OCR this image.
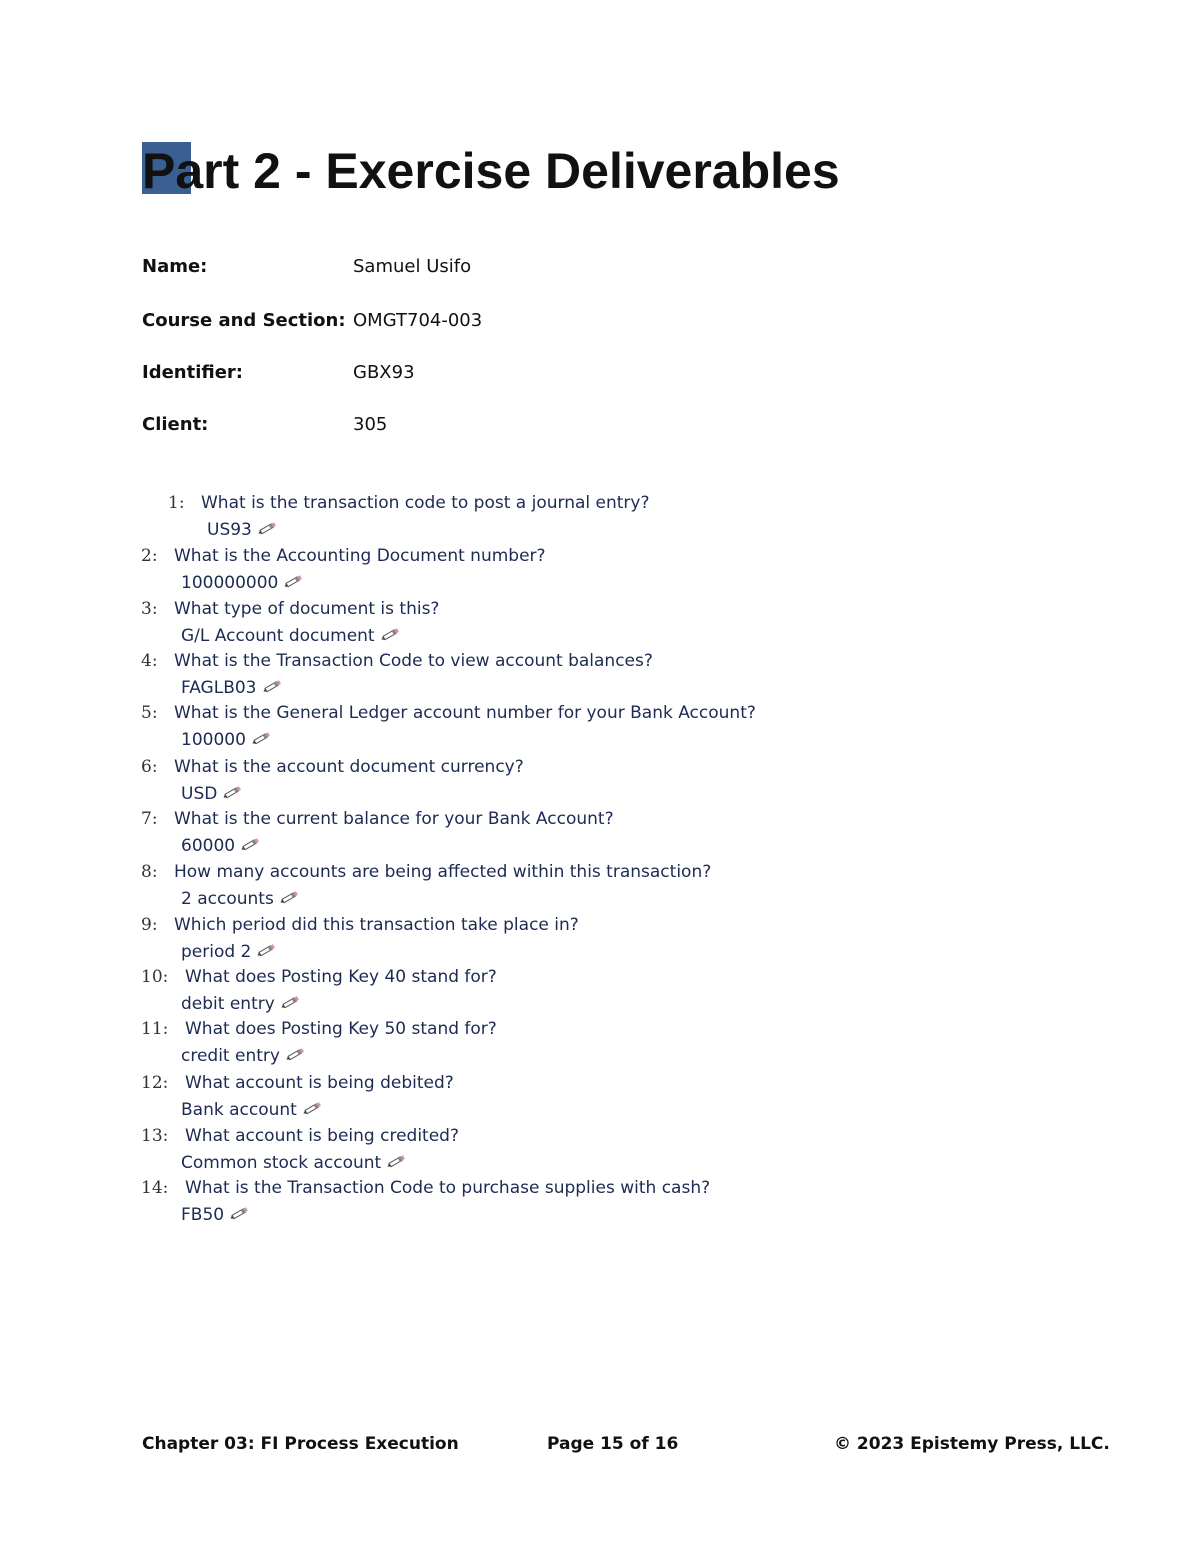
Part 2 - Exercise Deliverables
Name:	Samuel Usifo
Course and Section: OMGT704-003
Identifier:	GBX93
Client:	305
1: What is the transaction code to post a journal entry?
US93
2: What is the Accounting Document number?
100000000
3: What type of document is this?
G/L Account document
4: What is the Transaction Code to view account balances?
FAGLB03
5: What is the General Ledger account number for your Bank Account?
100000
6: What is the account document currency?
USD
7: What is the current balance for your Bank Account?
60000
8: How many accounts are being affected within this transaction?
2 accounts
9: Which period did this transaction take place in?
period 2
10: What does Posting Key 40 stand for?
debit entry
11: What does Posting Key 50 stand for?
credit entry
12: What account is being debited?
Bank account
13: What account is being credited?
Common stock account
14: What is the Transaction Code to purchase supplies with cash?
FB50
Chapter 03: FI Process Execution	Page 15 of 16	© 2023 Epistemy Press, LLC.
